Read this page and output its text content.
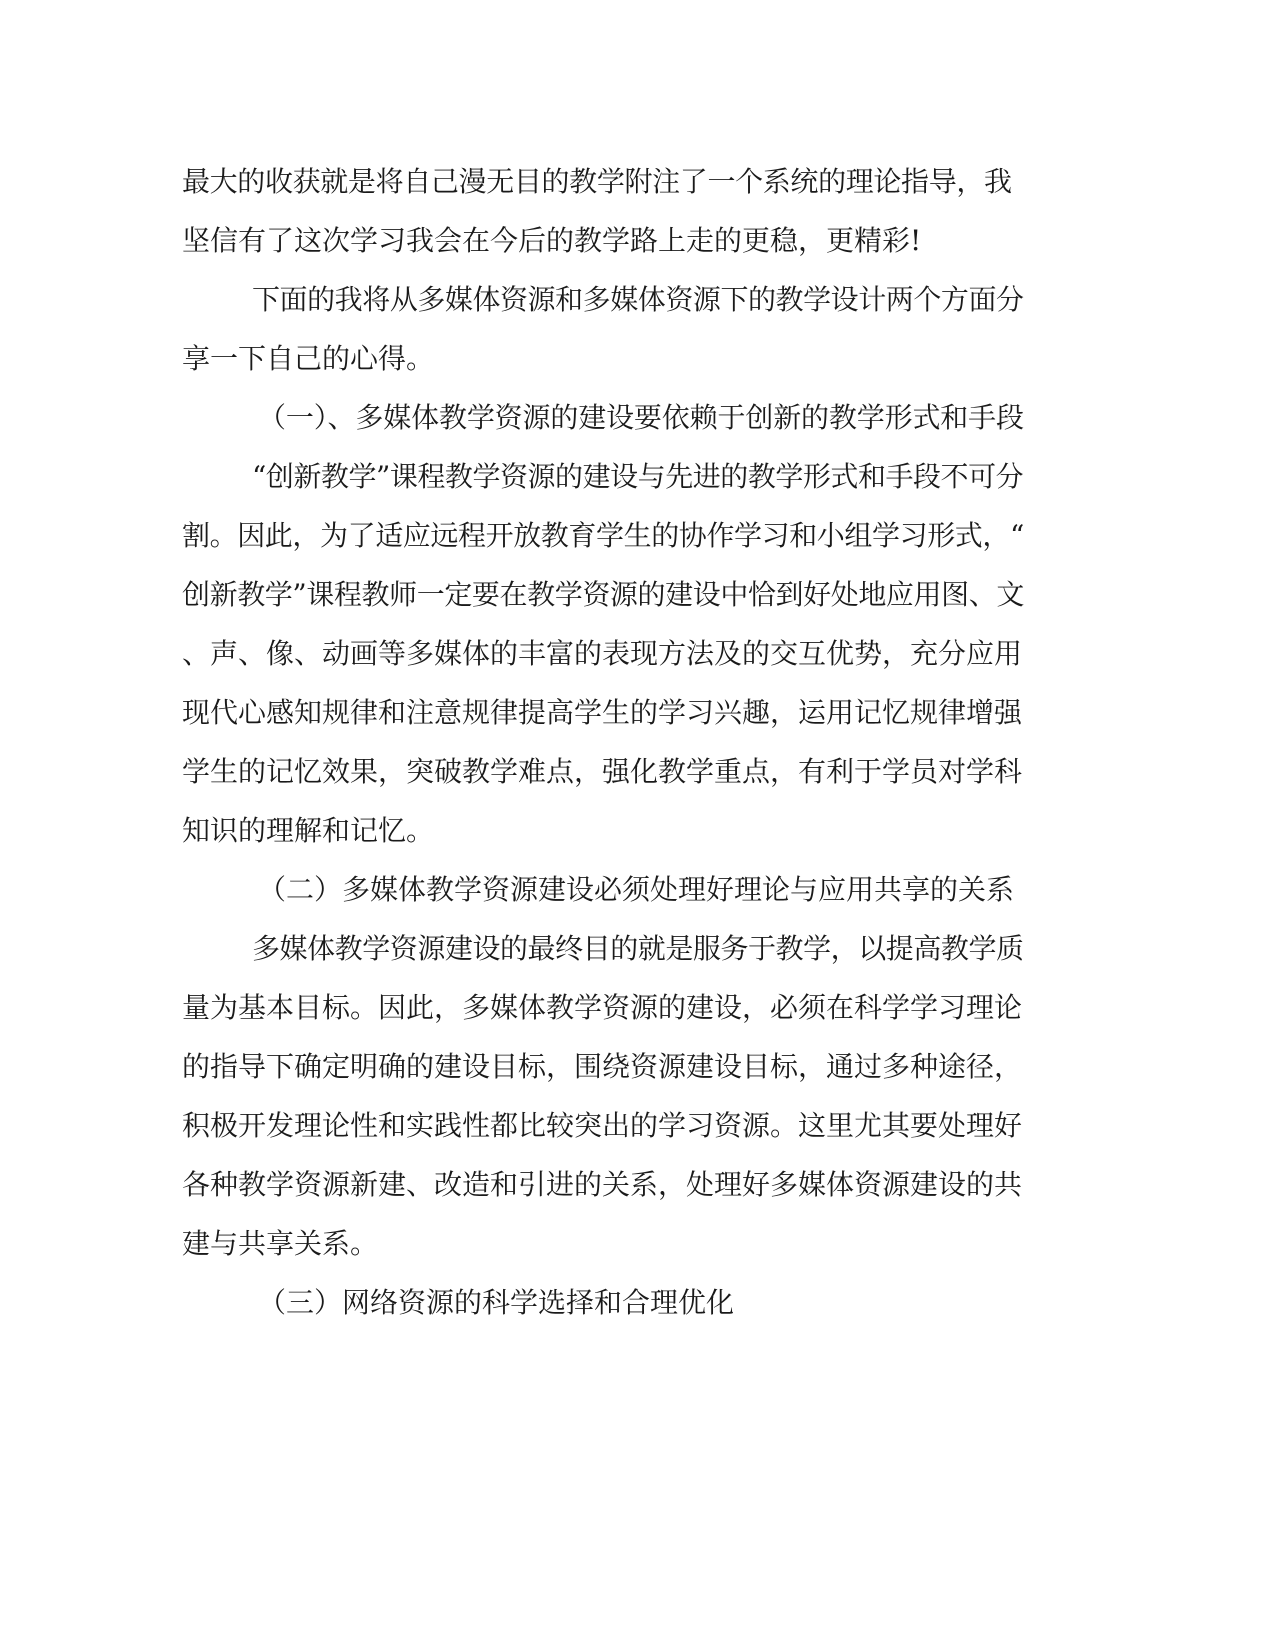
最大的收获就是将自己漫无目的教学附注了一个系统的理论指导，我
坚信有了这次学习我会在今后的教学路上走的更稳，更精彩!
下面的我将从多媒体资源和多媒体资源下的教学设计两个方面分
享一下自己的心得。
（一）、多媒体教学资源的建设要依赖于创新的教学形式和手段
“创新教学”课程教学资源的建设与先进的教学形式和手段不可分
割。因此，为了适应远程开放教育学生的协作学习和小组学习形式，“
创新教学”课程教师一定要在教学资源的建设中恰到好处地应用图、文
、声、像、动画等多媒体的丰富的表现方法及的交互优势，充分应用
现代心感知规律和注意规律提高学生的学习兴趣，运用记忆规律增强
学生的记忆效果，突破教学难点，强化教学重点，有利于学员对学科
知识的理解和记忆。
（二）多媒体教学资源建设必须处理好理论与应用共享的关系
多媒体教学资源建设的最终目的就是服务于教学，以提高教学质
量为基本目标。因此，多媒体教学资源的建设，必须在科学学习理论
的指导下确定明确的建设目标，围绕资源建设目标，通过多种途径，
积极开发理论性和实践性都比较突出的学习资源。这里尤其要处理好
各种教学资源新建、改造和引进的关系，处理好多媒体资源建设的共
建与共享关系。
（三）网络资源的科学选择和合理优化
